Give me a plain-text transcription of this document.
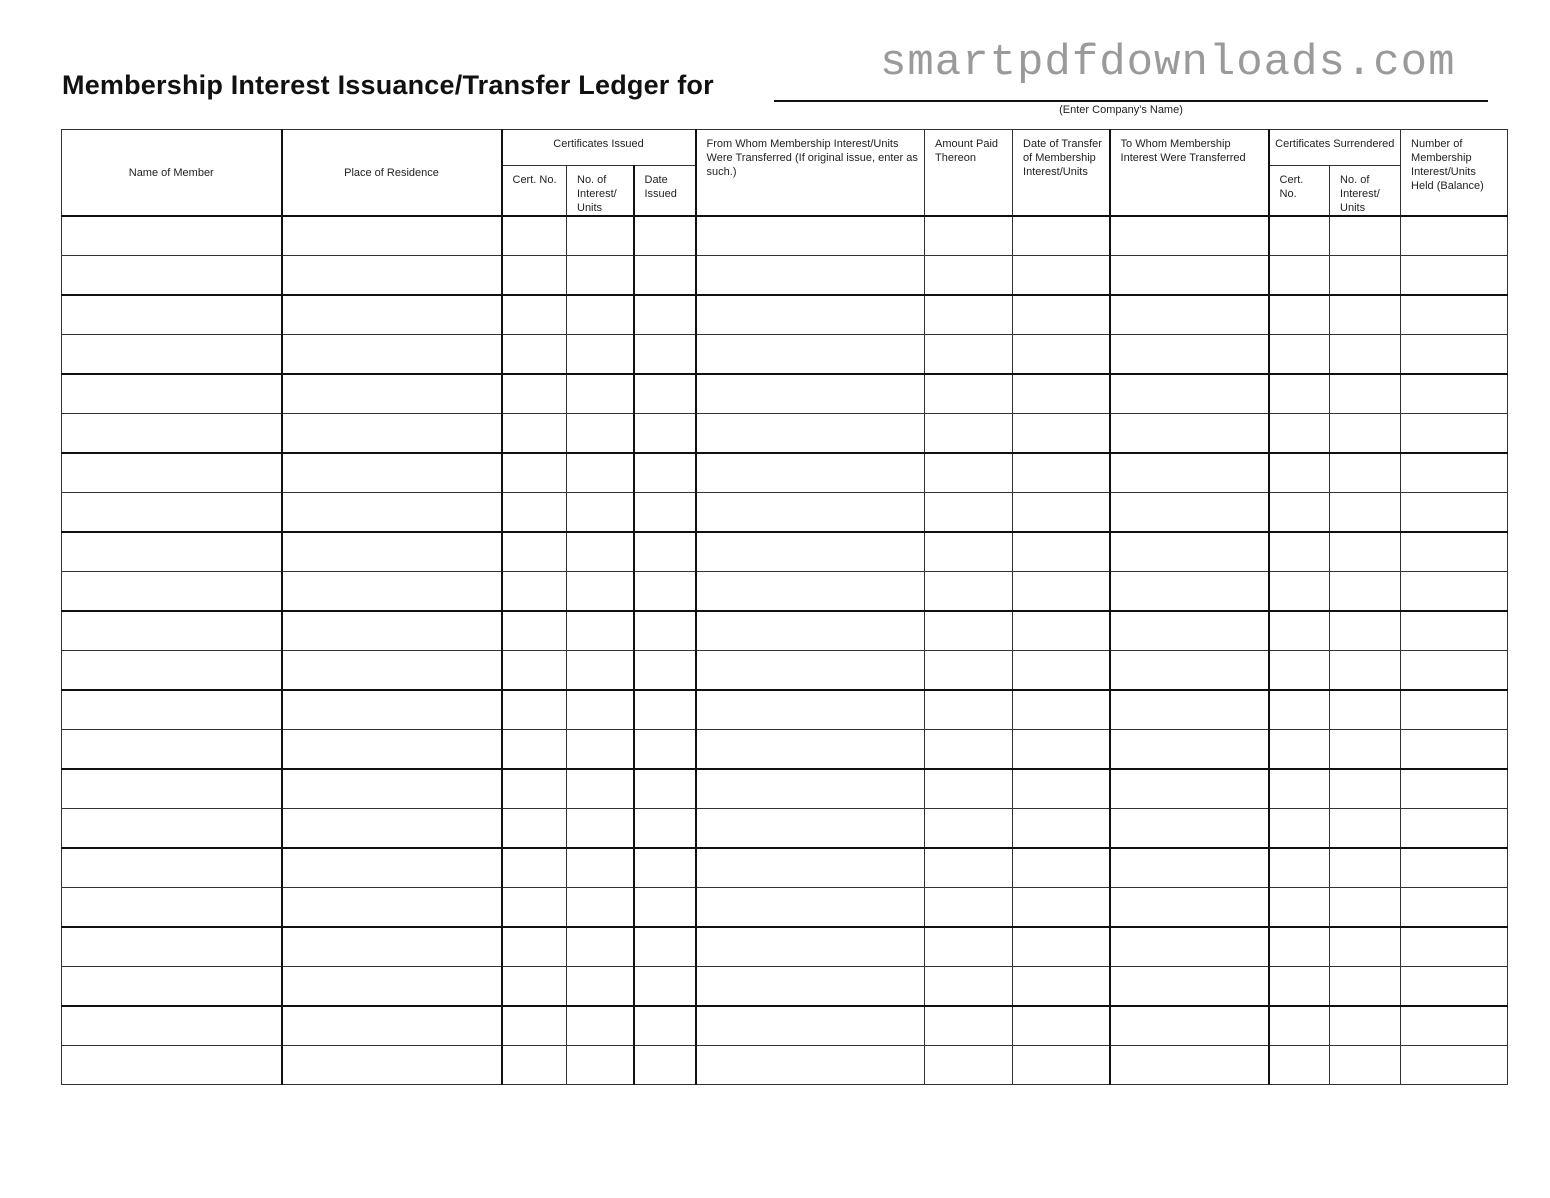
smartpdfdownloads.com
Membership Interest Issuance/Transfer Ledger for
(Enter Company's Name)
Name of Member	Place of Residence	Certificates Issued			From Whom Membership Interest/Units Were Transferred (If original issue, enter as such.)	Amount Paid Thereon	Date of Transfer of Membership Interest/Units	To Whom Membership Interest Were Transferred	Certificates Surrendered		Number of Membership Interest/Units Held (Balance)
		Cert. No.	No. of Interest/ Units	Date Issued					Cert. No.	No. of Interest/ Units	
